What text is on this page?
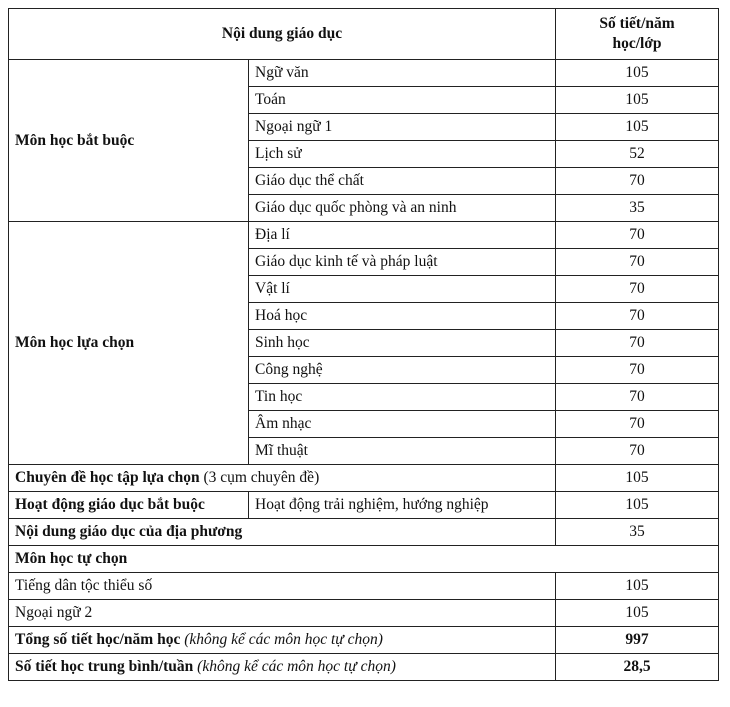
Nội dung giáo dục		Số tiết/năm
học/lớp
Môn học bắt buộc	Ngữ văn	105
	Toán	105
	Ngoại ngữ 1	105
	Lịch sử	52
	Giáo dục thể chất	70
	Giáo dục quốc phòng và an ninh	35
Môn học lựa chọn	Địa lí	70
	Giáo dục kinh tế và pháp luật	70
	Vật lí	70
	Hoá học	70
	Sinh học	70
	Công nghệ	70
	Tin học	70
	Âm nhạc	70
	Mĩ thuật	70
Chuyên đề học tập lựa chọn (3 cụm chuyên đề)		105
Hoạt động giáo dục bắt buộc	Hoạt động trải nghiệm, hướng nghiệp	105
Nội dung giáo dục của địa phương		35
Môn học tự chọn		
Tiếng dân tộc thiểu số		105
Ngoại ngữ 2		105
Tổng số tiết học/năm học (không kể các môn học tự chọn)		997
Số tiết học trung bình/tuần (không kể các môn học tự chọn)		28,5
